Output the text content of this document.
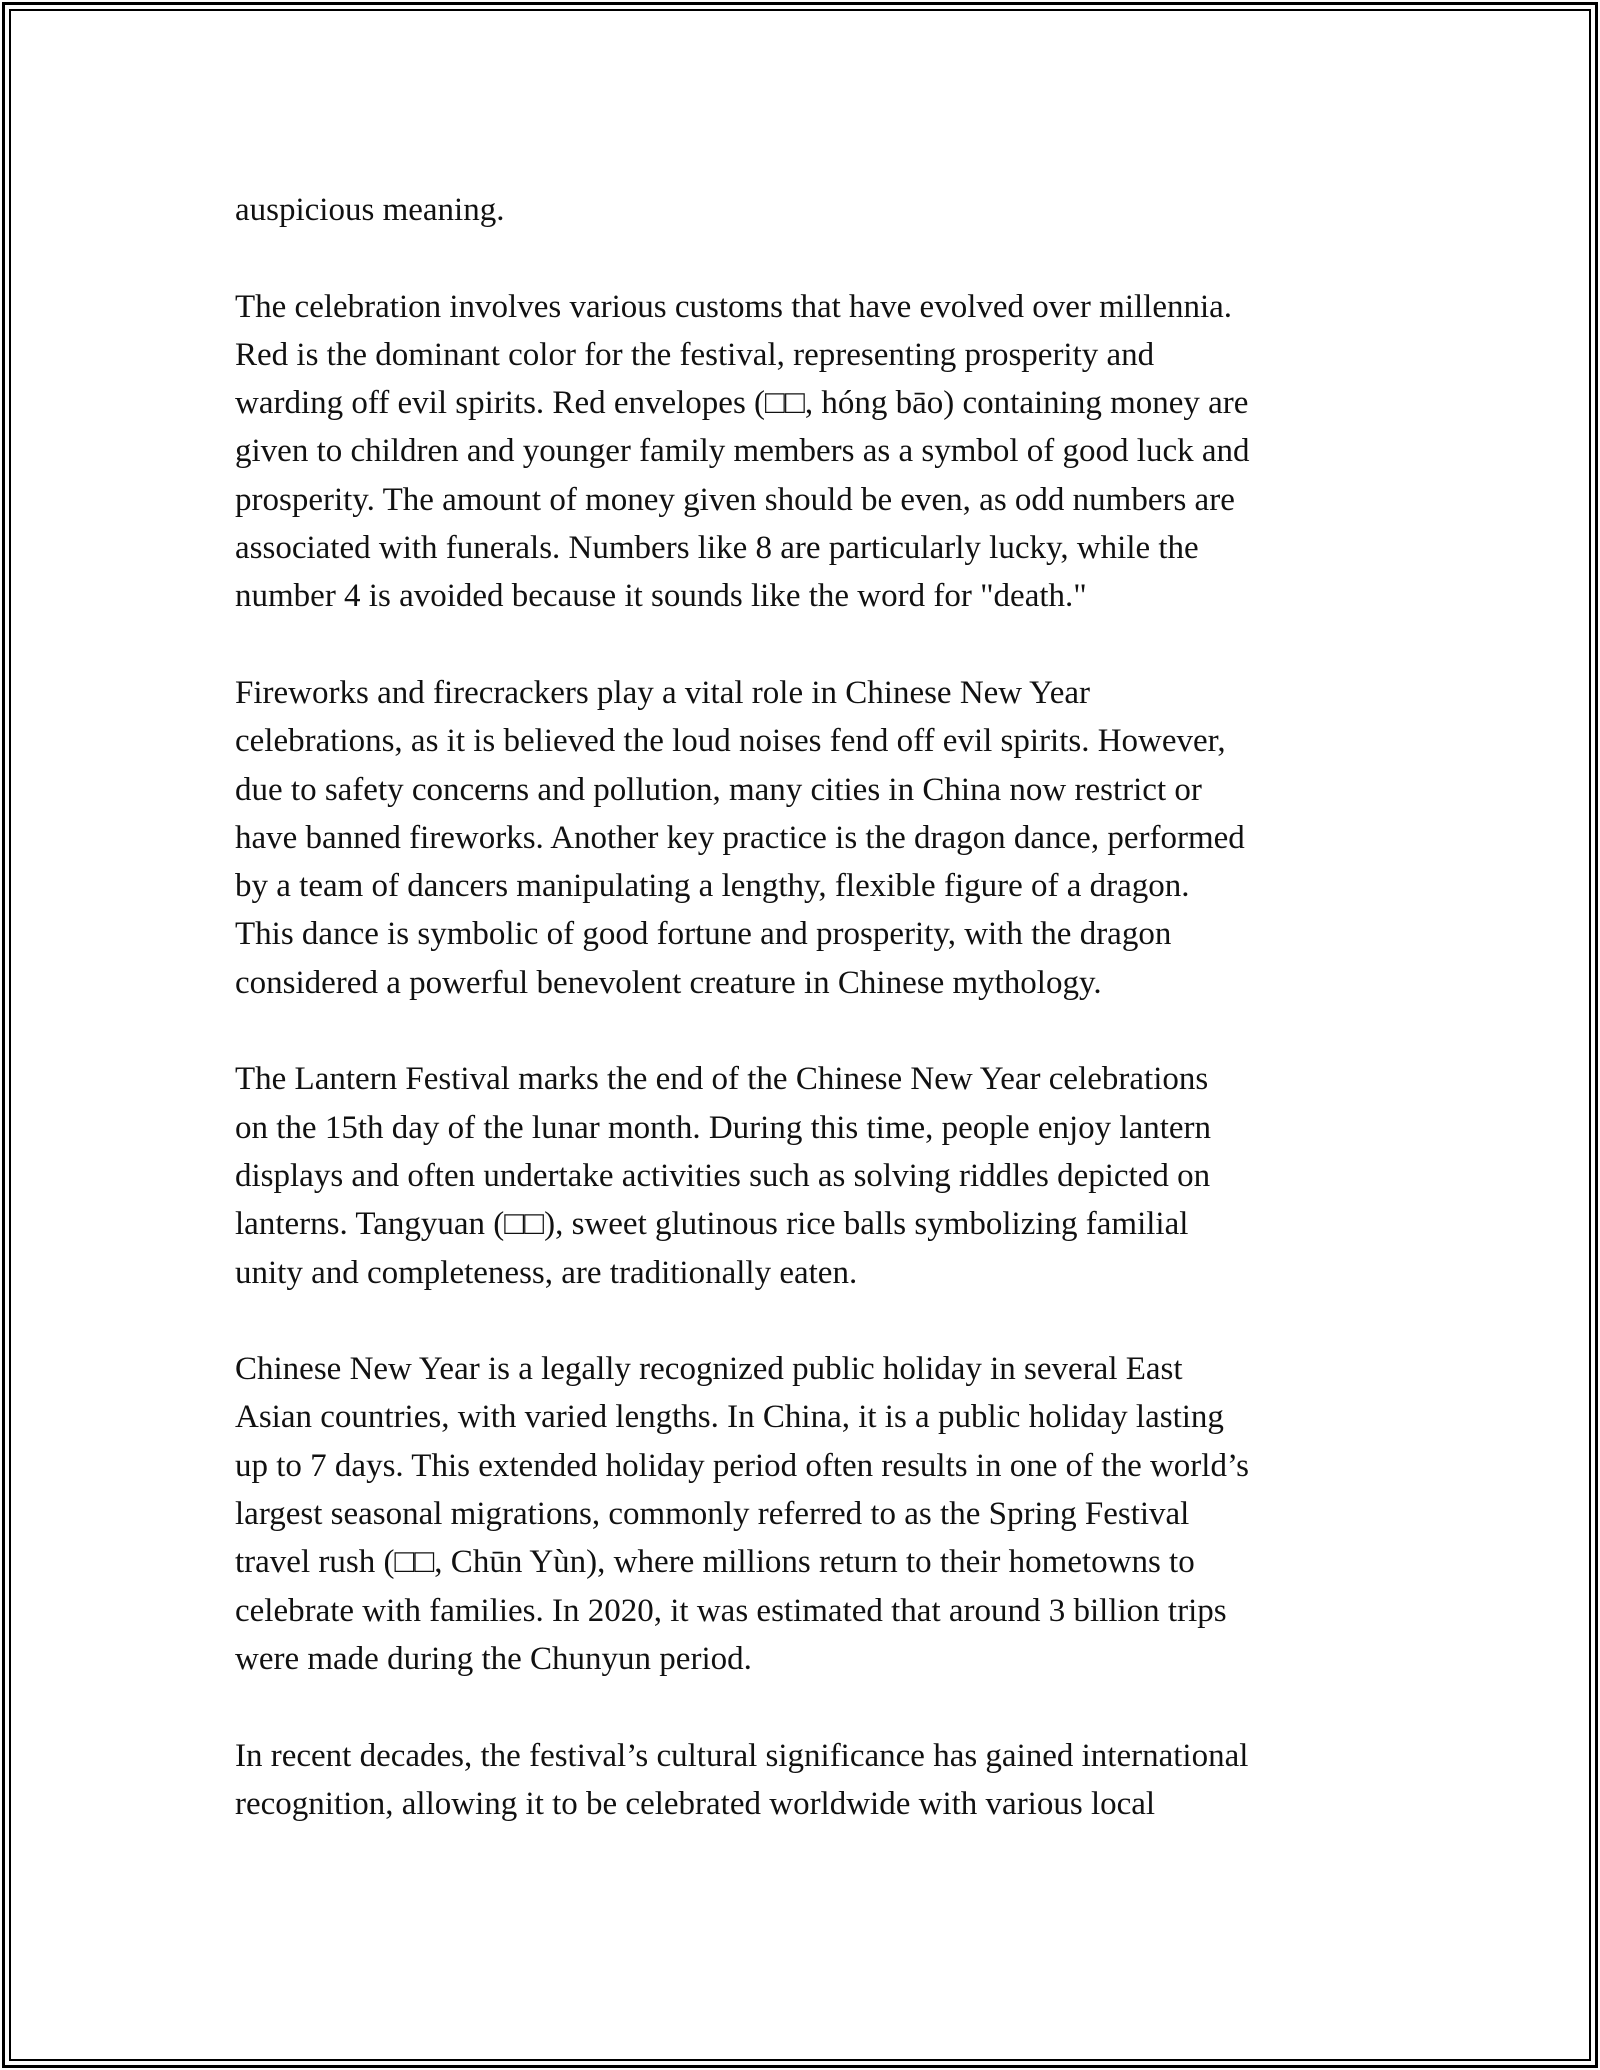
auspicious meaning.

The celebration involves various customs that have evolved over millennia.
Red is the dominant color for the festival, representing prosperity and
warding off evil spirits. Red envelopes (□□, hóng bāo) containing money are
given to children and younger family members as a symbol of good luck and
prosperity. The amount of money given should be even, as odd numbers are
associated with funerals. Numbers like 8 are particularly lucky, while the
number 4 is avoided because it sounds like the word for "death."

Fireworks and firecrackers play a vital role in Chinese New Year
celebrations, as it is believed the loud noises fend off evil spirits. However,
due to safety concerns and pollution, many cities in China now restrict or
have banned fireworks. Another key practice is the dragon dance, performed
by a team of dancers manipulating a lengthy, flexible figure of a dragon.
This dance is symbolic of good fortune and prosperity, with the dragon
considered a powerful benevolent creature in Chinese mythology.

The Lantern Festival marks the end of the Chinese New Year celebrations
on the 15th day of the lunar month. During this time, people enjoy lantern
displays and often undertake activities such as solving riddles depicted on
lanterns. Tangyuan (□□), sweet glutinous rice balls symbolizing familial
unity and completeness, are traditionally eaten.

Chinese New Year is a legally recognized public holiday in several East
Asian countries, with varied lengths. In China, it is a public holiday lasting
up to 7 days. This extended holiday period often results in one of the world’s
largest seasonal migrations, commonly referred to as the Spring Festival
travel rush (□□, Chūn Yùn), where millions return to their hometowns to
celebrate with families. In 2020, it was estimated that around 3 billion trips
were made during the Chunyun period.

In recent decades, the festival’s cultural significance has gained international
recognition, allowing it to be celebrated worldwide with various local
